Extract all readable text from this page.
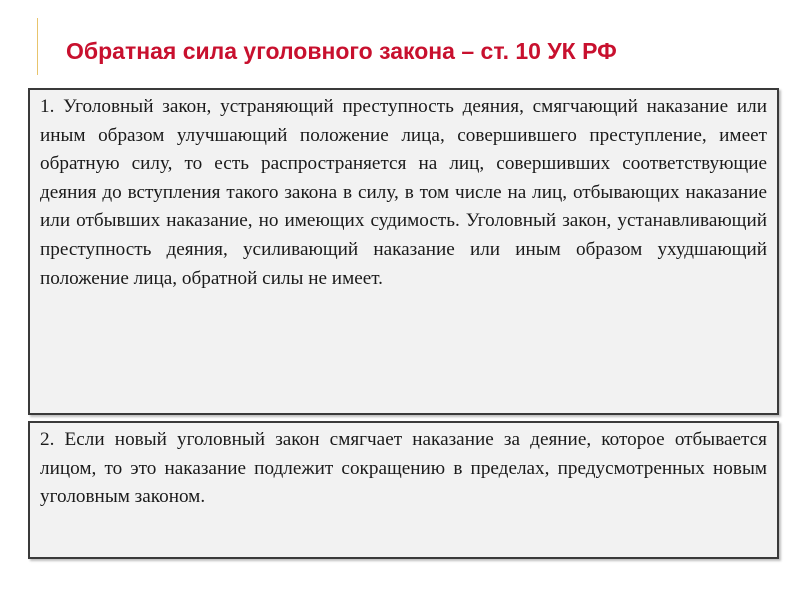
Обратная сила уголовного закона – ст. 10 УК РФ
1. Уголовный закон, устраняющий преступность деяния, смягчающий наказание или иным образом улучшающий положение лица, совершившего преступление, имеет обратную силу, то есть распространяется на лиц, совершивших соответствующие деяния до вступления такого закона в силу, в том числе на лиц, отбывающих наказание или отбывших наказание, но имеющих судимость. Уголовный закон, устанавливающий преступность деяния, усиливающий наказание или иным образом ухудшающий положение лица, обратной силы не имеет.
2. Если новый уголовный закон смягчает наказание за деяние, которое отбывается лицом, то это наказание подлежит сокращению в пределах, предусмотренных новым уголовным законом.
